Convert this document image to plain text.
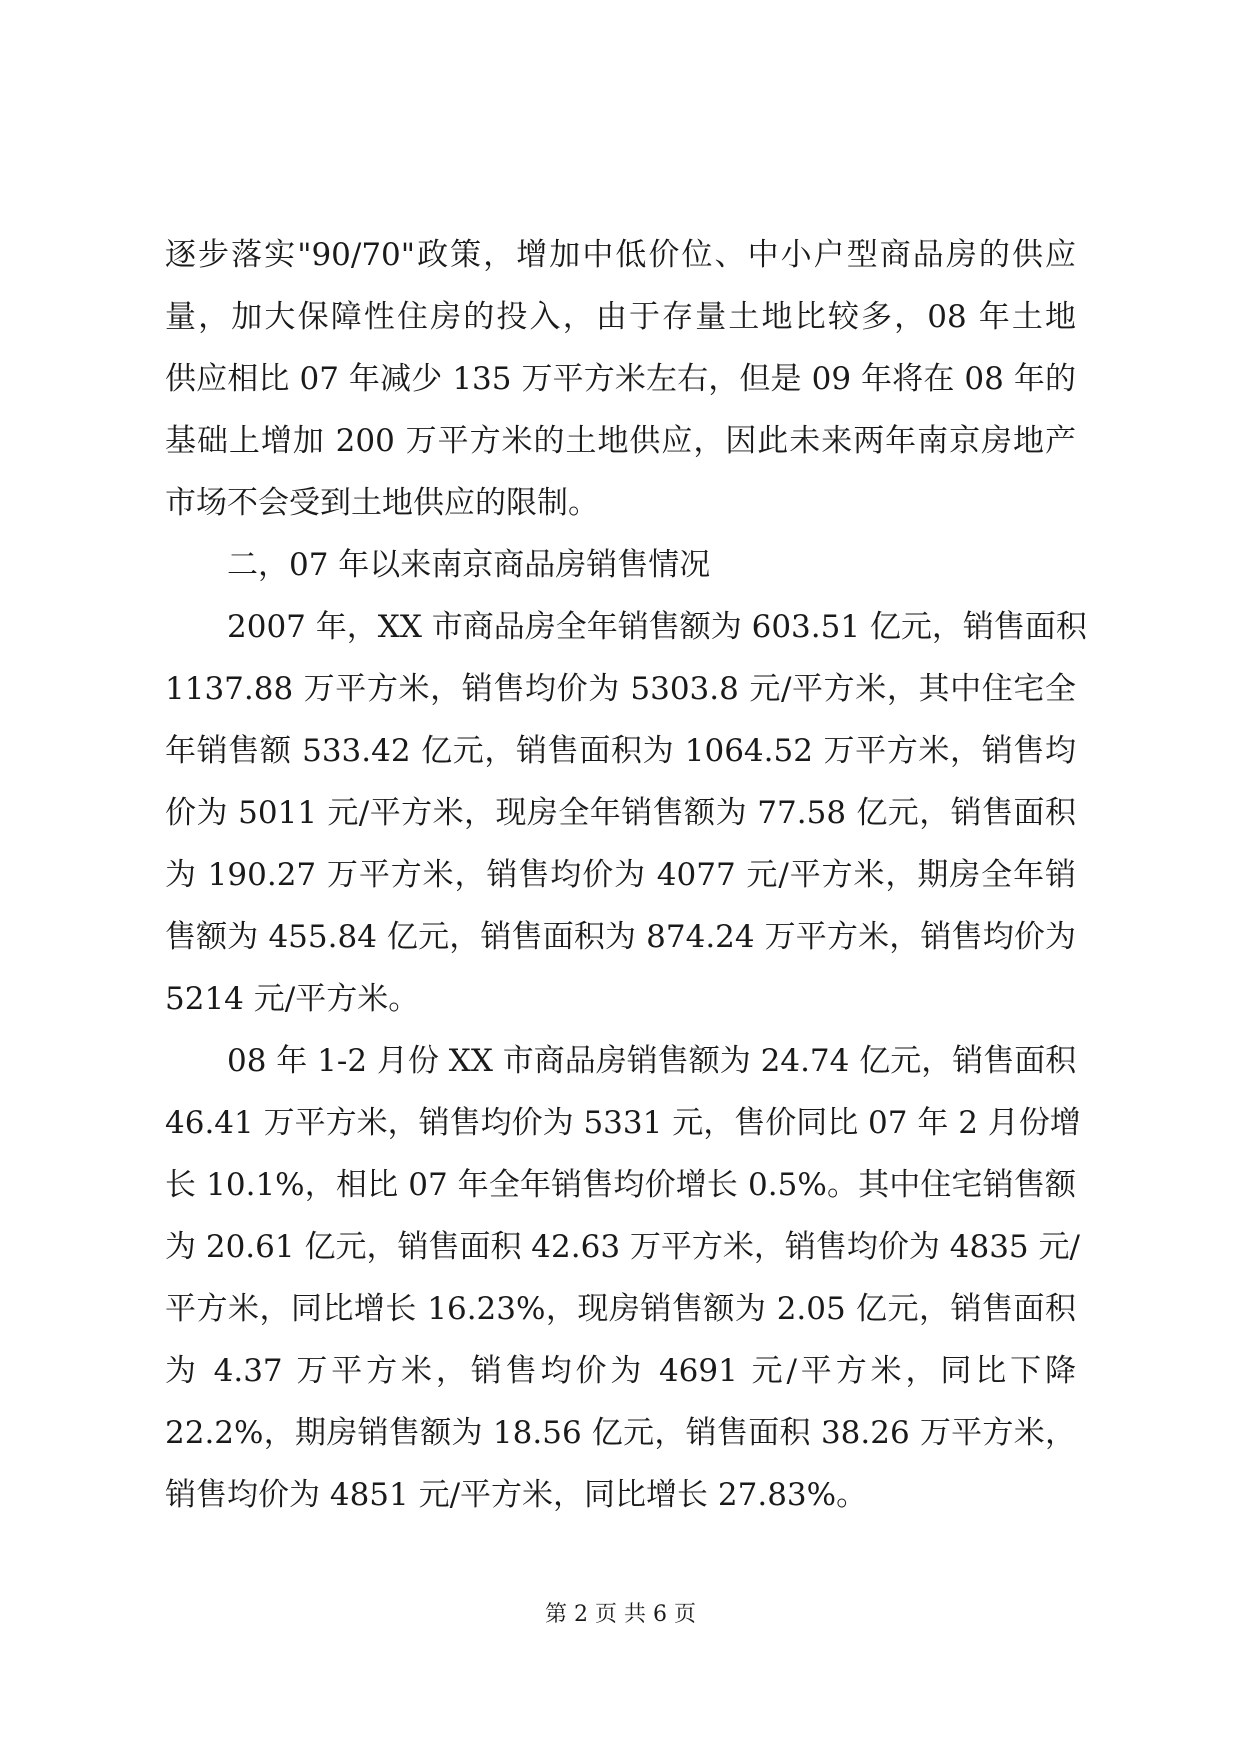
逐步落实"90/70"政策，增加中低价位、中小户型商品房的供应
量，加大保障性住房的投入，由于存量土地比较多，08 年土地
供应相比 07 年减少 135 万平方米左右，但是 09 年将在 08 年的
基础上增加 200 万平方米的土地供应，因此未来两年南京房地产
市场不会受到土地供应的限制。
二，07 年以来南京商品房销售情况
2007 年，XX 市商品房全年销售额为 603.51 亿元，销售面积
1137.88 万平方米，销售均价为 5303.8 元/平方米，其中住宅全
年销售额 533.42 亿元，销售面积为 1064.52 万平方米，销售均
价为 5011 元/平方米，现房全年销售额为 77.58 亿元，销售面积
为 190.27 万平方米，销售均价为 4077 元/平方米，期房全年销
售额为 455.84 亿元，销售面积为 874.24 万平方米，销售均价为
5214 元/平方米。
08 年 1-2 月份 XX 市商品房销售额为 24.74 亿元，销售面积
46.41 万平方米，销售均价为 5331 元，售价同比 07 年 2 月份增
长 10.1%，相比 07 年全年销售均价增长 0.5%。其中住宅销售额
为 20.61 亿元，销售面积 42.63 万平方米，销售均价为 4835 元/
平方米，同比增长 16.23%，现房销售额为 2.05 亿元，销售面积
为 4.37 万平方米，销售均价为 4691 元/平方米，同比下降
22.2%，期房销售额为 18.56 亿元，销售面积 38.26 万平方米，
销售均价为 4851 元/平方米，同比增长 27.83%。
第 2 页 共 6 页
